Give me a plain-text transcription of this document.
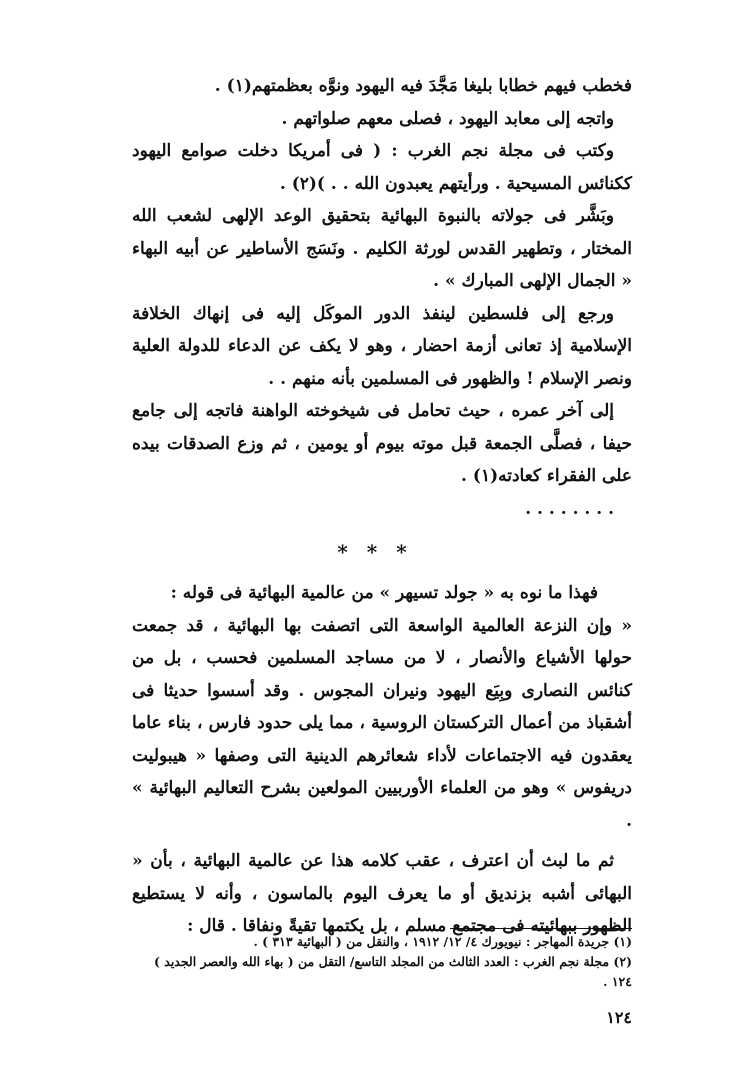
فخطب فيهم خطابا بليغا مَجَّدَ فيه اليهود ونوَّه بعظمتهم(١) .

واتجه إلى معابد اليهود ، فصلى معهم صلواتهم .

وكتب فى مجلة نجم الغرب : ( فى أمريكا دخلت صوامع اليهود ككنائس المسيحية . ورأيتهم يعبدون الله . . )(٢) .

وبَشَّر فى جولاته بالنبوة البهائية بتحقيق الوعد الإلهى لشعب الله المختار ، وتطهير القدس لورثة الكليم . ونَسَج الأساطير عن أبيه البهاء « الجمال الإلهى المبارك » .

ورجع إلى فلسطين لينفذ الدور الموكَل إليه فى إنهاك الخلافة الإسلامية إذ تعانى أزمة احضار ، وهو لا يكف عن الدعاء للدولة العلية ونصر الإسلام ! والظهور فى المسلمين بأنه منهم . .

إلى آخر عمره ، حيث تحامل فى شيخوخته الواهنة فاتجه إلى جامع حيفا ، فصلَّى الجمعة قبل موته بيوم أو يومين ، ثم وزع الصدقات بيده على الفقراء كعادته(١) .

. . . . . . . .

* * *

فهذا ما نوه به « جولد تسيهر » من عالمية البهائية فى قوله :

« وإن النزعة العالمية الواسعة التى اتصفت بها البهائية ، قد جمعت حولها الأشياع والأنصار ، لا من مساجد المسلمين فحسب ، بل من كنائس النصارى وبِيَع اليهود ونيران المجوس . وقد أسسوا حديثا فى أشقباذ من أعمال التركستان الروسية ، مما يلى حدود فارس ، بناء عاما يعقدون فيه الاجتماعات لأداء شعائرهم الدينية التى وصفها « هيبوليت دريفوس » وهو من العلماء الأوربيين المولعين بشرح التعاليم البهائية » .

ثم ما لبث أن اعترف ، عقب كلامه هذا عن عالمية البهائية ، بأن « البهائى أشبه بزنديق أو ما يعرف اليوم بالماسون ، وأنه لا يستطيع الظهور ببهائيته فى مجتمع مسلم ، بل يكتمها تقيةً ونفاقا . قال :

(١) جريدة المهاجر : نيويورك ٤/ ١٢/ ١٩١٢ ، والنقل من ( البهائية ٣١٣ ) .

(٢) مجلة نجم الغرب : العدد الثالث من المجلد التاسع/ التقل من ( بهاء الله والعصر الجديد )

١٢٤ .

١٢٤
